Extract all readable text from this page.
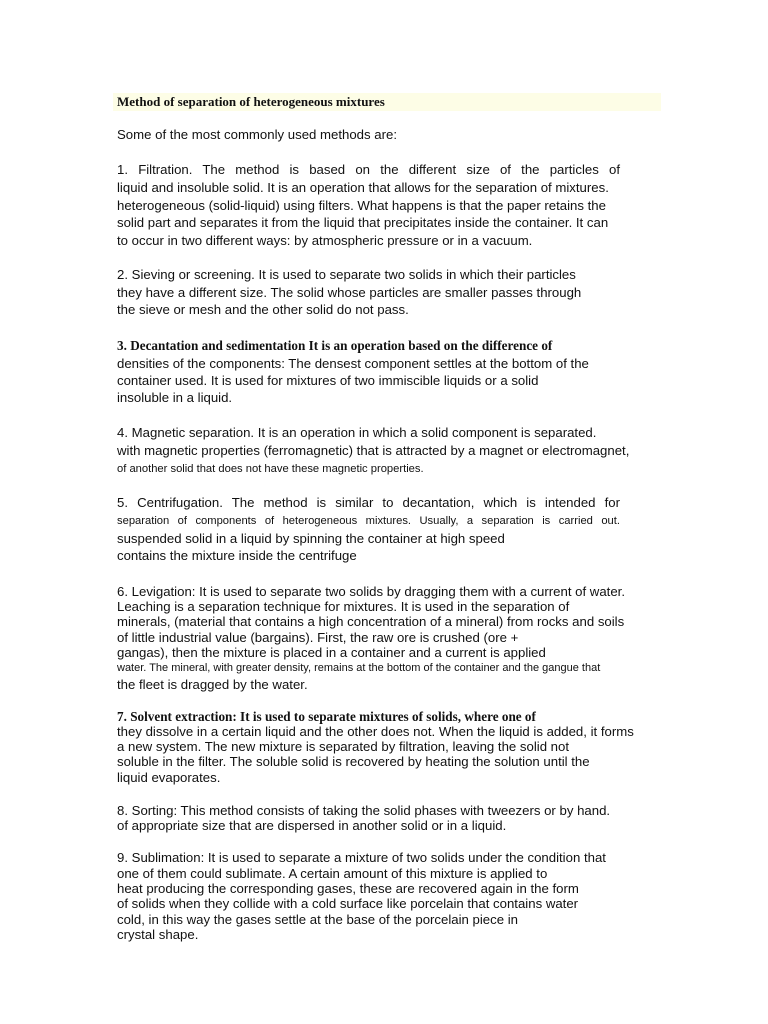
Method of separation of heterogeneous mixtures
Some of the most commonly used methods are:
1. Filtration. The method is based on the different size of the particles of
liquid and insoluble solid. It is an operation that allows for the separation of mixtures.
heterogeneous (solid-liquid) using filters. What happens is that the paper retains the
solid part and separates it from the liquid that precipitates inside the container. It can
to occur in two different ways: by atmospheric pressure or in a vacuum.
2. Sieving or screening. It is used to separate two solids in which their particles
they have a different size. The solid whose particles are smaller passes through
the sieve or mesh and the other solid do not pass.
3. Decantation and sedimentation It is an operation based on the difference of
densities of the components: The densest component settles at the bottom of the
container used. It is used for mixtures of two immiscible liquids or a solid
insoluble in a liquid.
4. Magnetic separation. It is an operation in which a solid component is separated.
with magnetic properties (ferromagnetic) that is attracted by a magnet or electromagnet,
of another solid that does not have these magnetic properties.
5. Centrifugation. The method is similar to decantation, which is intended for
separation of components of heterogeneous mixtures. Usually, a separation is carried out.
suspended solid in a liquid by spinning the container at high speed
contains the mixture inside the centrifuge
6. Levigation: It is used to separate two solids by dragging them with a current of water.
Leaching is a separation technique for mixtures. It is used in the separation of
minerals, (material that contains a high concentration of a mineral) from rocks and soils
of little industrial value (bargains). First, the raw ore is crushed (ore +
gangas), then the mixture is placed in a container and a current is applied
water. The mineral, with greater density, remains at the bottom of the container and the gangue that
the fleet is dragged by the water.
7. Solvent extraction: It is used to separate mixtures of solids, where one of
they dissolve in a certain liquid and the other does not. When the liquid is added, it forms
a new system. The new mixture is separated by filtration, leaving the solid not
soluble in the filter. The soluble solid is recovered by heating the solution until the
liquid evaporates.
8. Sorting: This method consists of taking the solid phases with tweezers or by hand.
of appropriate size that are dispersed in another solid or in a liquid.
9. Sublimation: It is used to separate a mixture of two solids under the condition that
one of them could sublimate. A certain amount of this mixture is applied to
heat producing the corresponding gases, these are recovered again in the form
of solids when they collide with a cold surface like porcelain that contains water
cold, in this way the gases settle at the base of the porcelain piece in
crystal shape.
